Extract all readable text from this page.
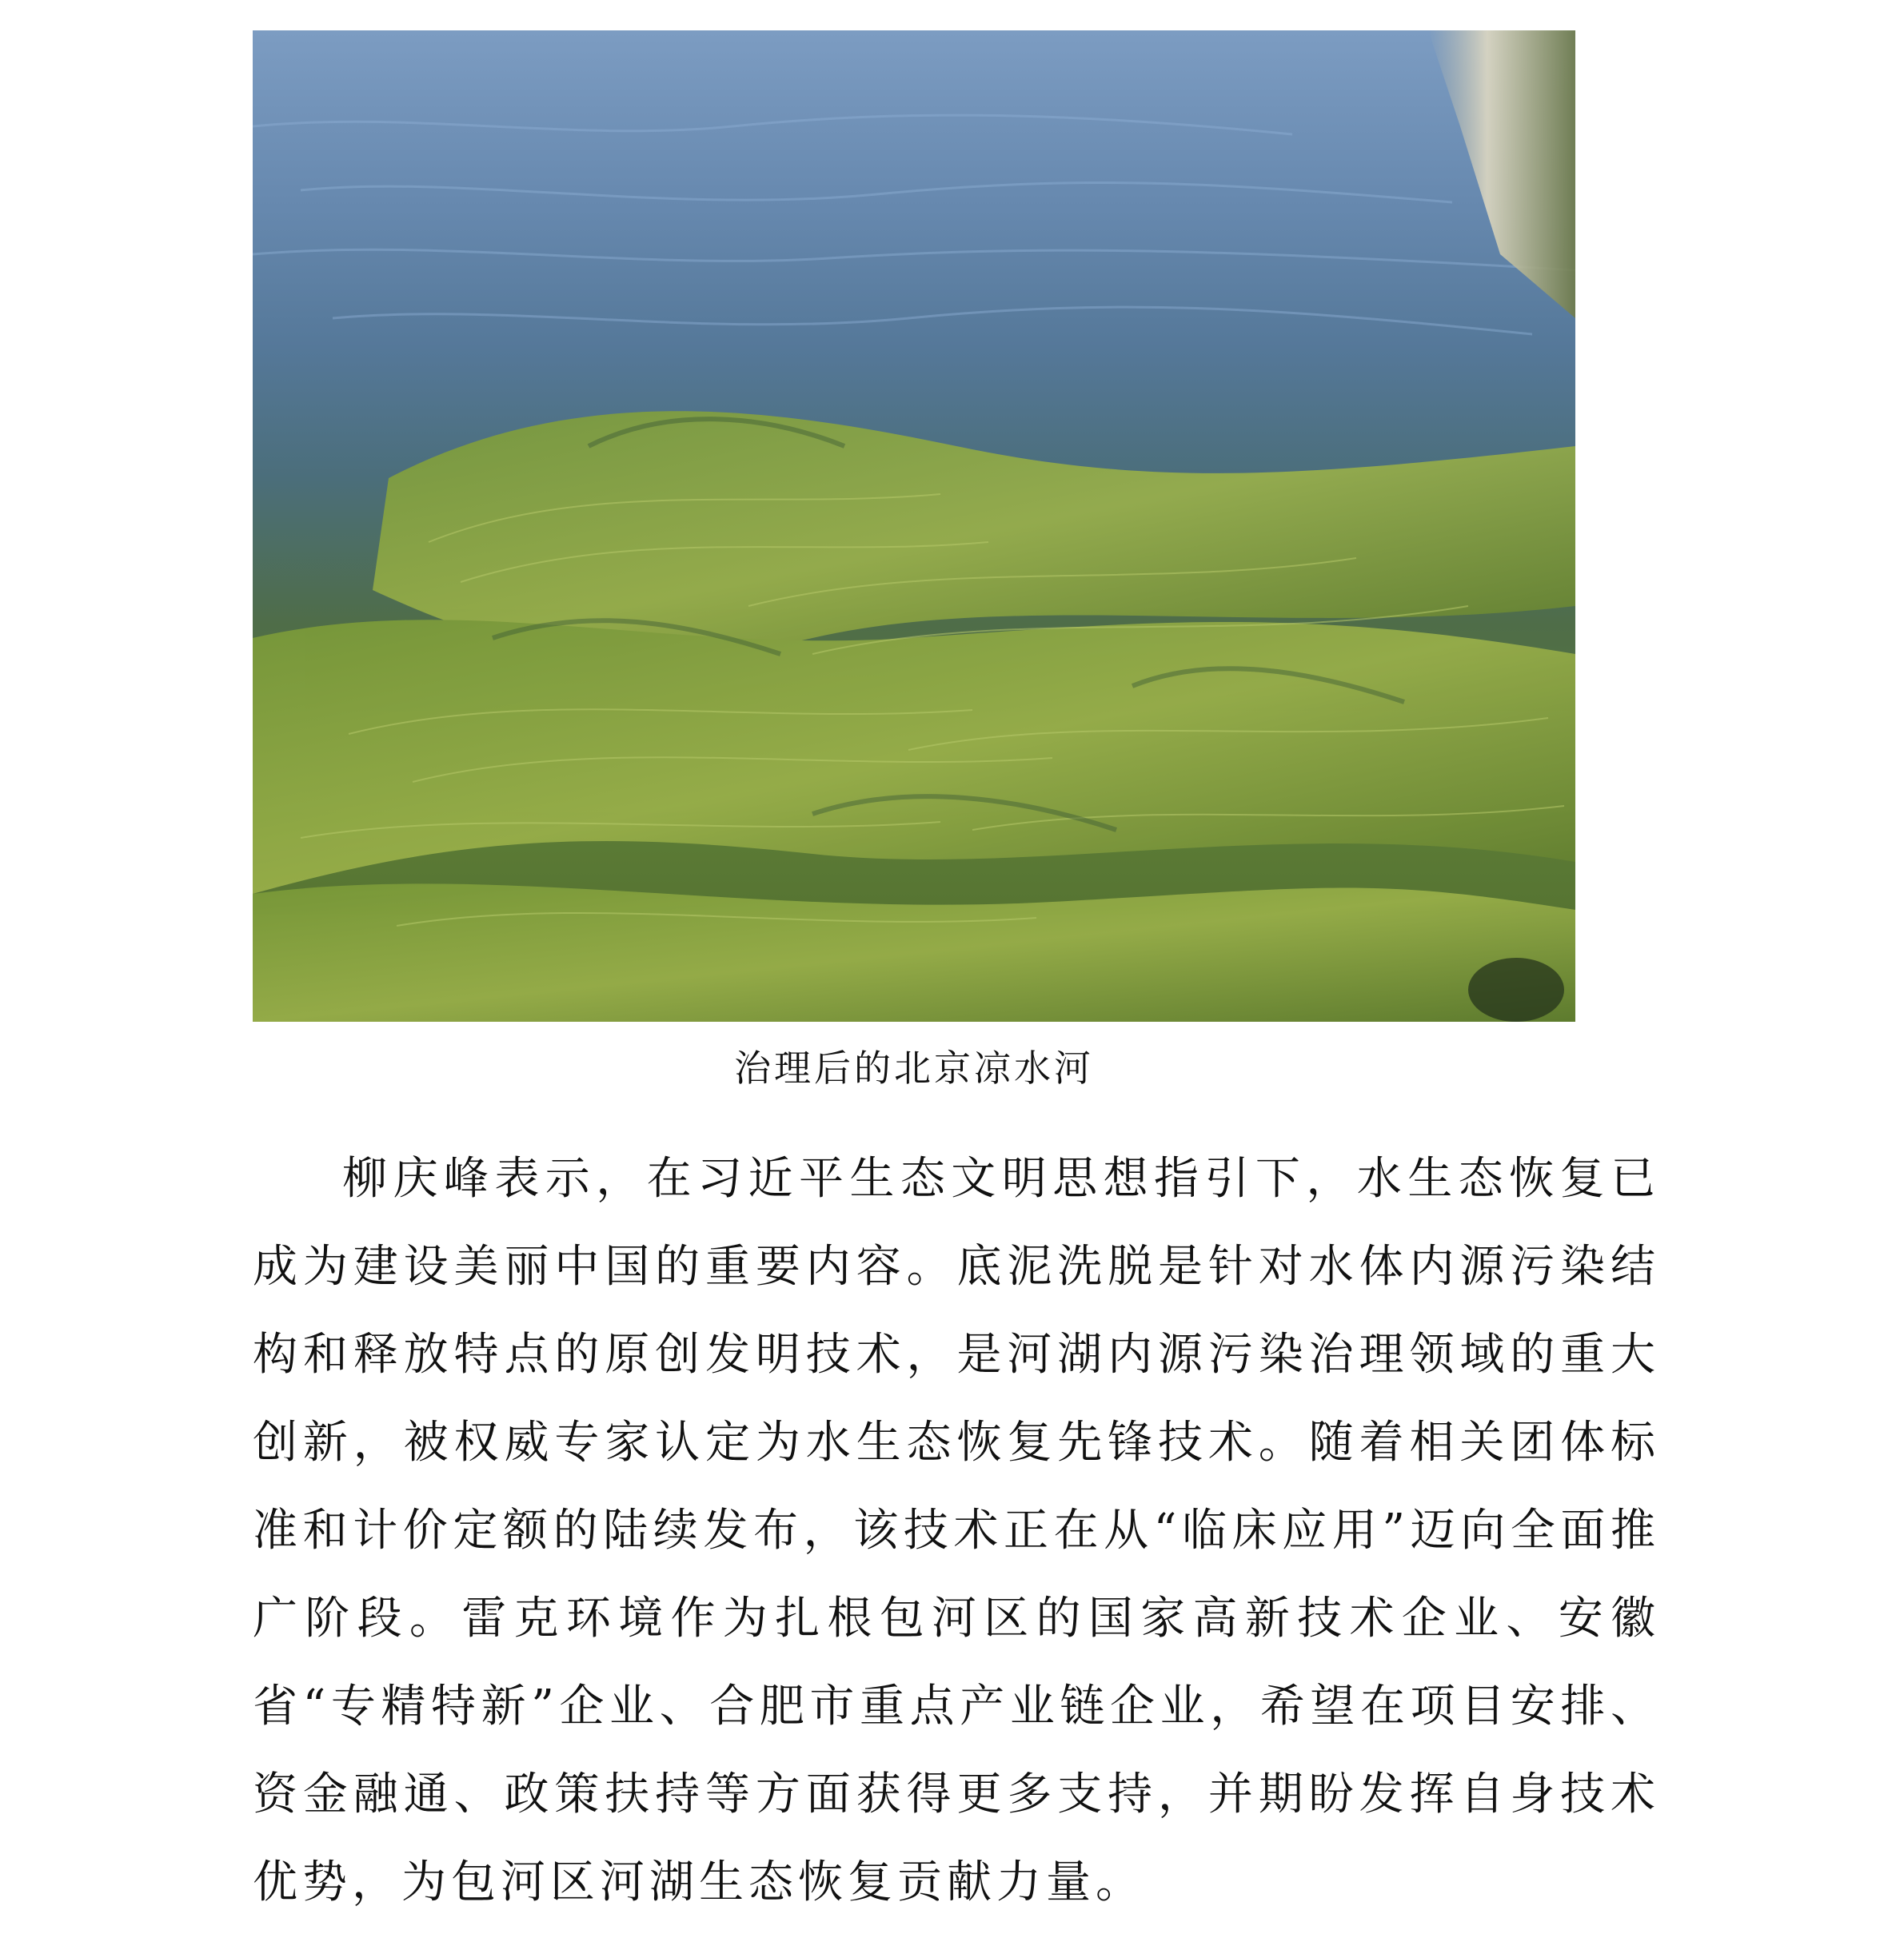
治理后的北京凉水河

柳庆峰表示，在习近平生态文明思想指引下，水生态恢复已成为建设美丽中国的重要内容。底泥洗脱是针对水体内源污染结构和释放特点的原创发明技术，是河湖内源污染治理领域的重大创新，被权威专家认定为水生态恢复先锋技术。随着相关团体标准和计价定额的陆续发布，该技术正在从“临床应用”迈向全面推广阶段。雷克环境作为扎根包河区的国家高新技术企业、安徽省“专精特新”企业、合肥市重点产业链企业，希望在项目安排、资金融通、政策扶持等方面获得更多支持，并期盼发挥自身技术优势，为包河区河湖生态恢复贡献力量。
